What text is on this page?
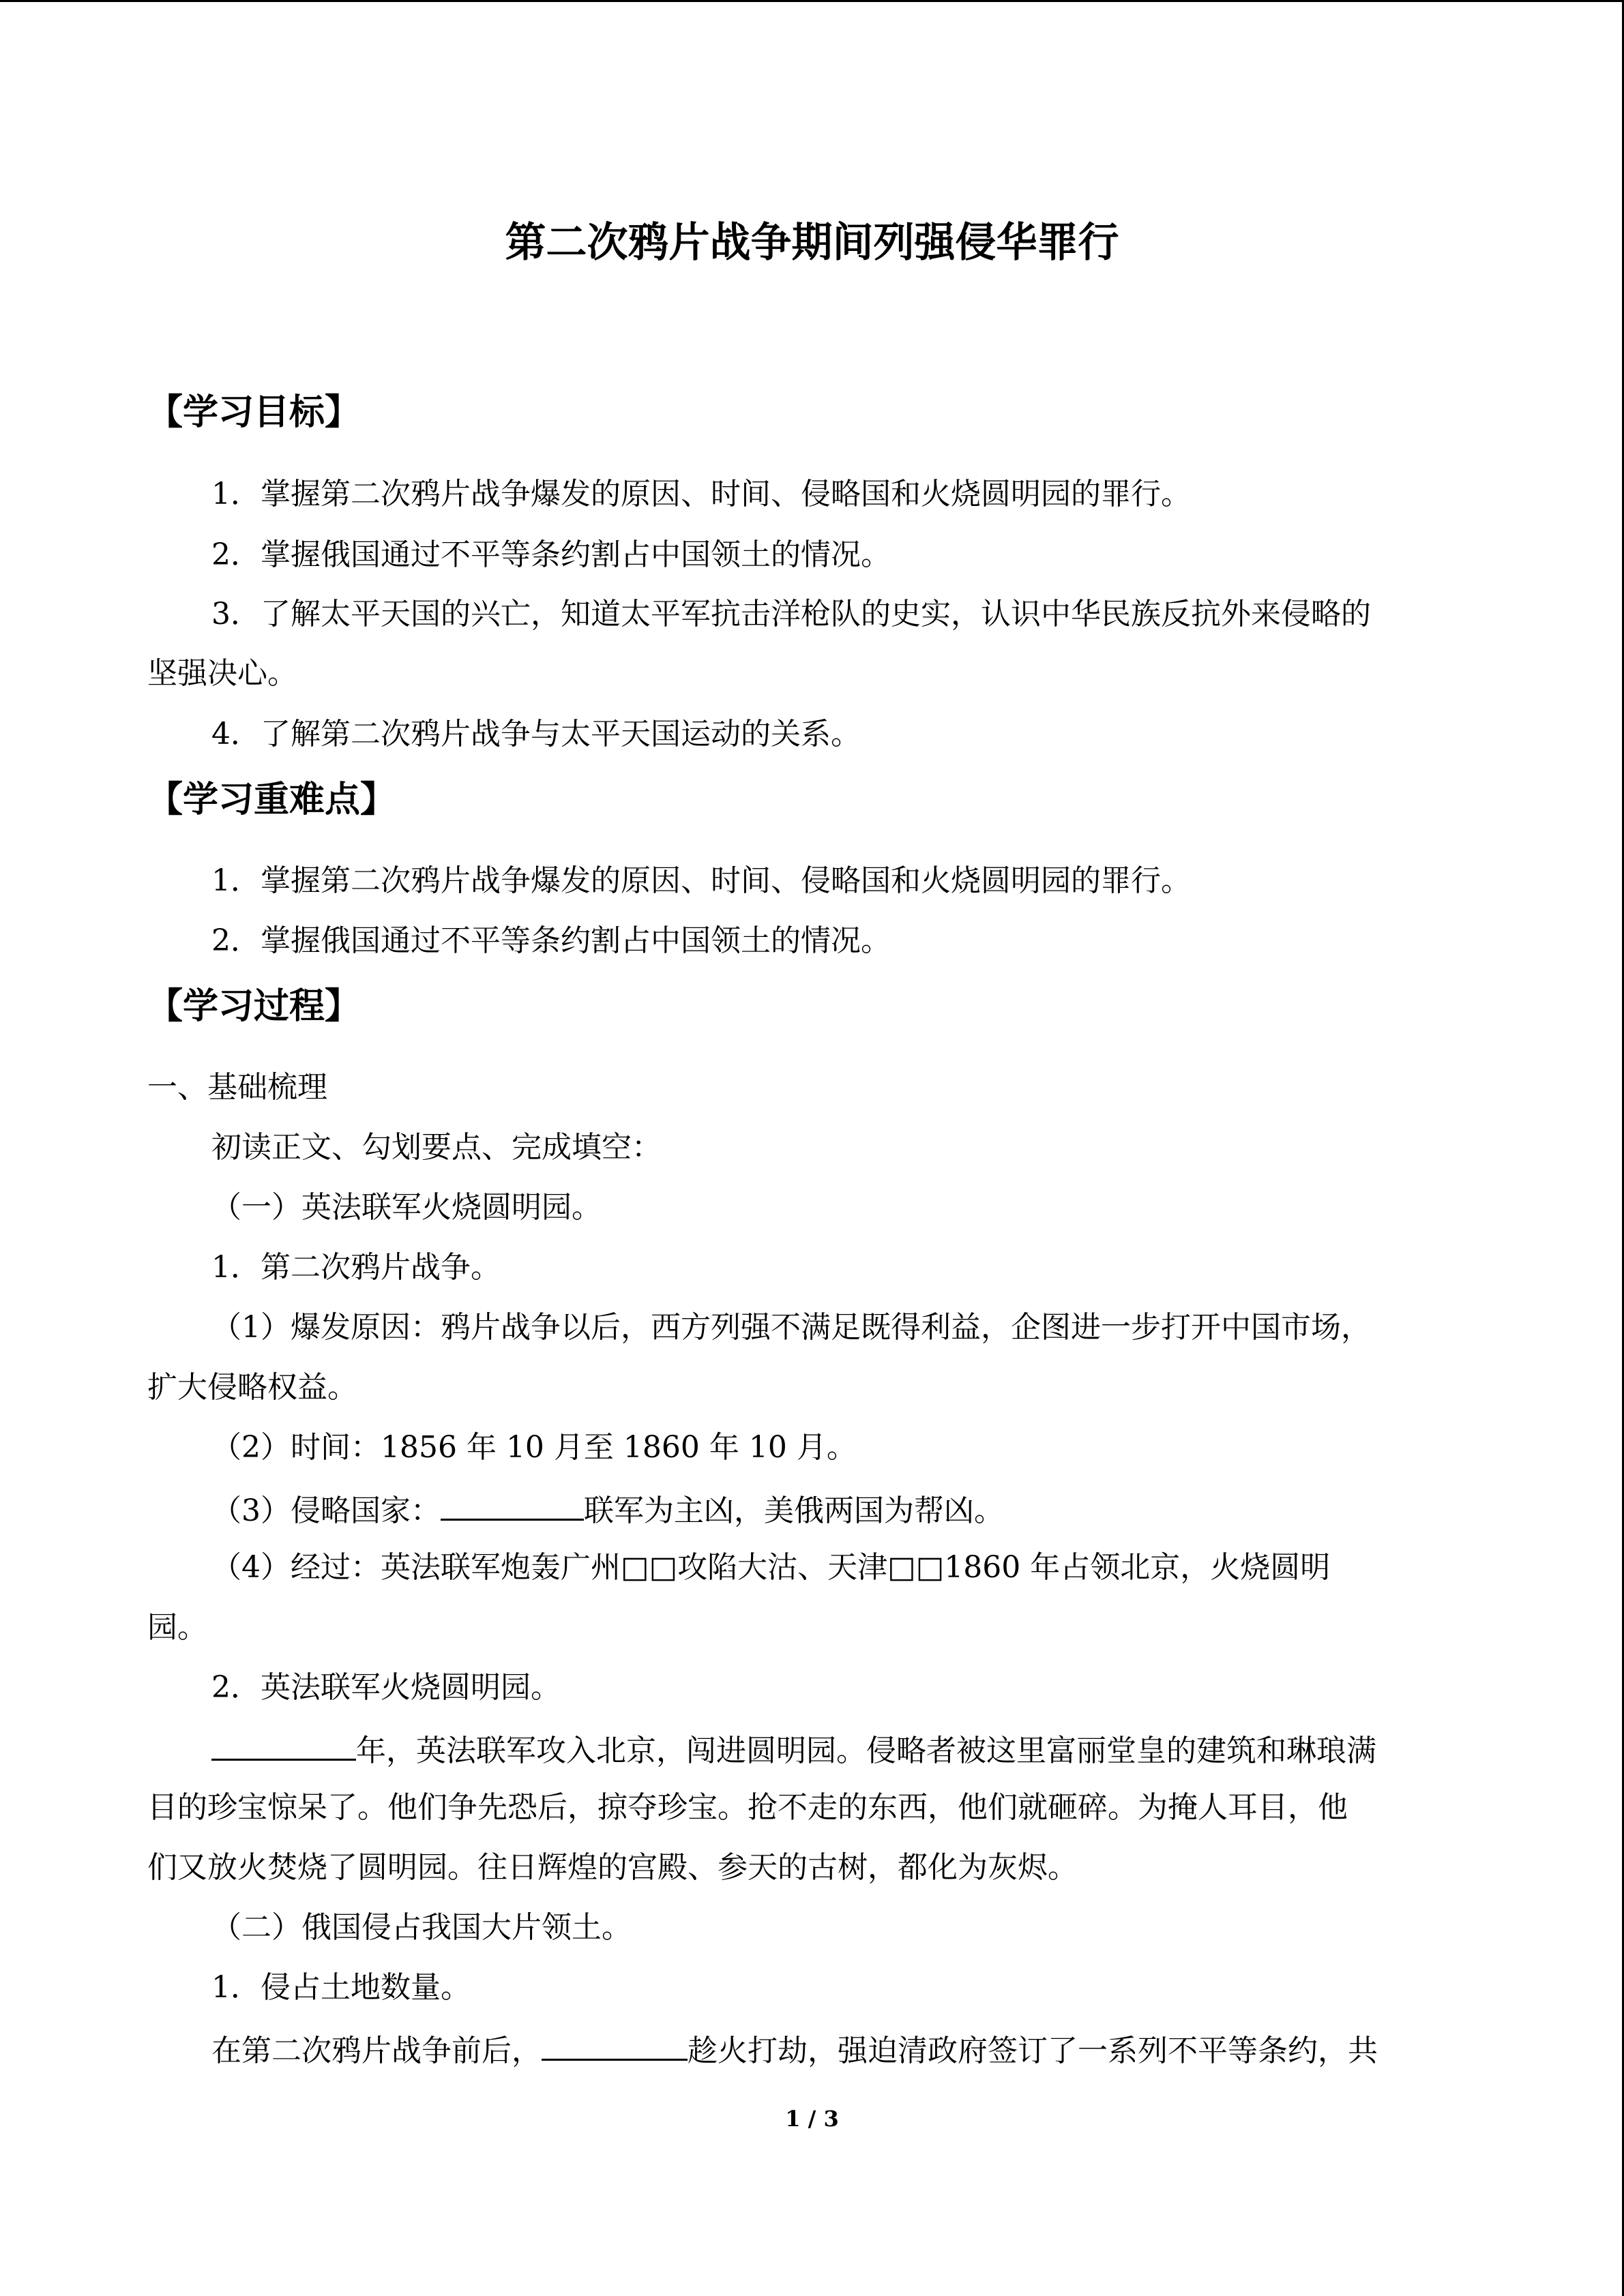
第二次鸦片战争期间列强侵华罪行
【学习目标】
1．掌握第二次鸦片战争爆发的原因、时间、侵略国和火烧圆明园的罪行。
2．掌握俄国通过不平等条约割占中国领土的情况。
3．了解太平天国的兴亡，知道太平军抗击洋枪队的史实，认识中华民族反抗外来侵略的
坚强决心。
4．了解第二次鸦片战争与太平天国运动的关系。
【学习重难点】
1．掌握第二次鸦片战争爆发的原因、时间、侵略国和火烧圆明园的罪行。
2．掌握俄国通过不平等条约割占中国领土的情况。
【学习过程】
一、基础梳理
初读正文、勾划要点、完成填空：
（一）英法联军火烧圆明园。
1．第二次鸦片战争。
（1）爆发原因：鸦片战争以后，西方列强不满足既得利益，企图进一步打开中国市场，
扩大侵略权益。
（2）时间：1856 年 10 月至 1860 年 10 月。
（3）侵略国家：	联军为主凶，美俄两国为帮凶。
（4）经过：英法联军炮轰广州□□攻陷大沽、天津□□1860 年占领北京，火烧圆明
园。
2．英法联军火烧圆明园。
年，英法联军攻入北京，闯进圆明园。侵略者被这里富丽堂皇的建筑和琳琅满
目的珍宝惊呆了。他们争先恐后，掠夺珍宝。抢不走的东西，他们就砸碎。为掩人耳目，他
们又放火焚烧了圆明园。往日辉煌的宫殿、参天的古树，都化为灰烬。
（二）俄国侵占我国大片领土。
1．侵占土地数量。
在第二次鸦片战争前后，	趁火打劫，强迫清政府签订了一系列不平等条约，共
1 / 3
